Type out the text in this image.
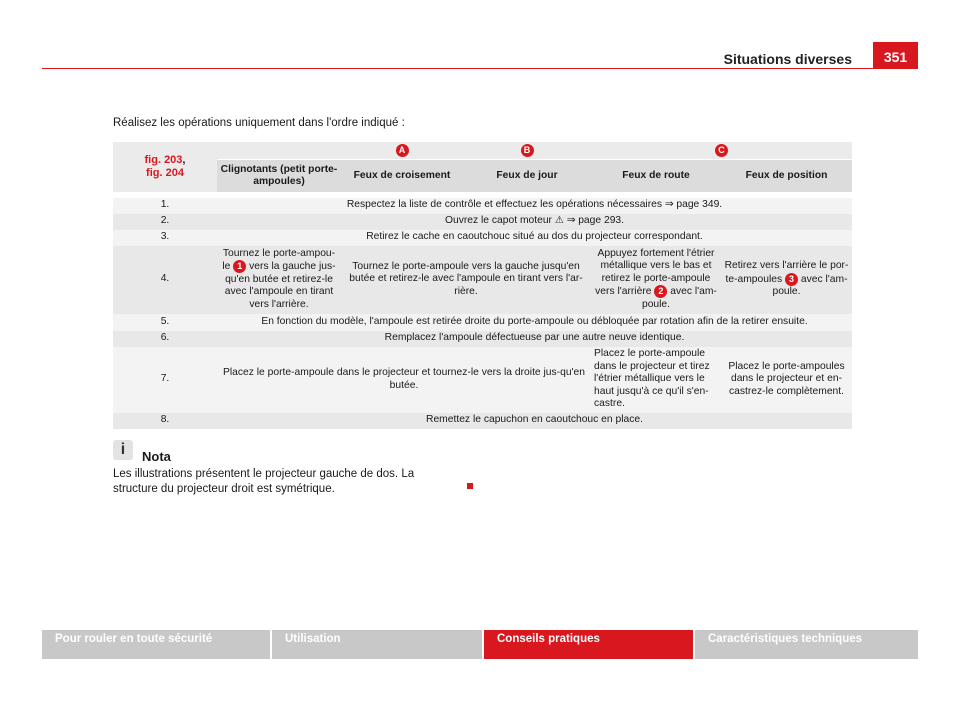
Situations diverses	351
Réalisez les opérations uniquement dans l'ordre indiqué :
fig. 203,
fig. 204		A	B	C	
	Clignotants (petit porte-ampoules)	Feux de croisement	Feux de jour	Feux de route	Feux de position

1.	Respectez la liste de contrôle et effectuez les opérations nécessaires ⇒ page 349.				
2.	Ouvrez le capot moteur ⚠ ⇒ page 293.				
3.	Retirez le cache en caoutchouc situé au dos du projecteur correspondant.				
4.	Tournez le porte-ampou-le 1 vers la gauche jus-qu'en butée et retirez-le avec l'ampoule en tirant vers l'arrière.	Tournez le porte-ampoule vers la gauche jusqu'en butée et retirez-le avec l'ampoule en tirant vers l'ar-rière.		Appuyez fortement l'étrier métallique vers le bas et retirez le porte-ampoule vers l'arrière 2 avec l'am-poule.	Retirez vers l'arrière le por-te-ampoules 3 avec l'am-poule.
5.	En fonction du modèle, l'ampoule est retirée droite du porte-ampoule ou débloquée par rotation afin de la retirer ensuite.				
6.	Remplacez l'ampoule défectueuse par une autre neuve identique.				
7.	Placez le porte-ampoule dans le projecteur et tournez-le vers la droite jus-qu'en butée.			Placez le porte-ampoule dans le projecteur et tirez l'étrier métallique vers le haut jusqu'à ce qu'il s'en-castre.	Placez le porte-ampoules dans le projecteur et en-castrez-le complètement.
8.	Remettez le capuchon en caoutchouc en place.				
i	Nota
Les illustrations présentent le projecteur gauche de dos. La structure du projecteur droit est symétrique.
Pour rouler en toute sécurité	Utilisation	Conseils pratiques	Caractéristiques techniques
